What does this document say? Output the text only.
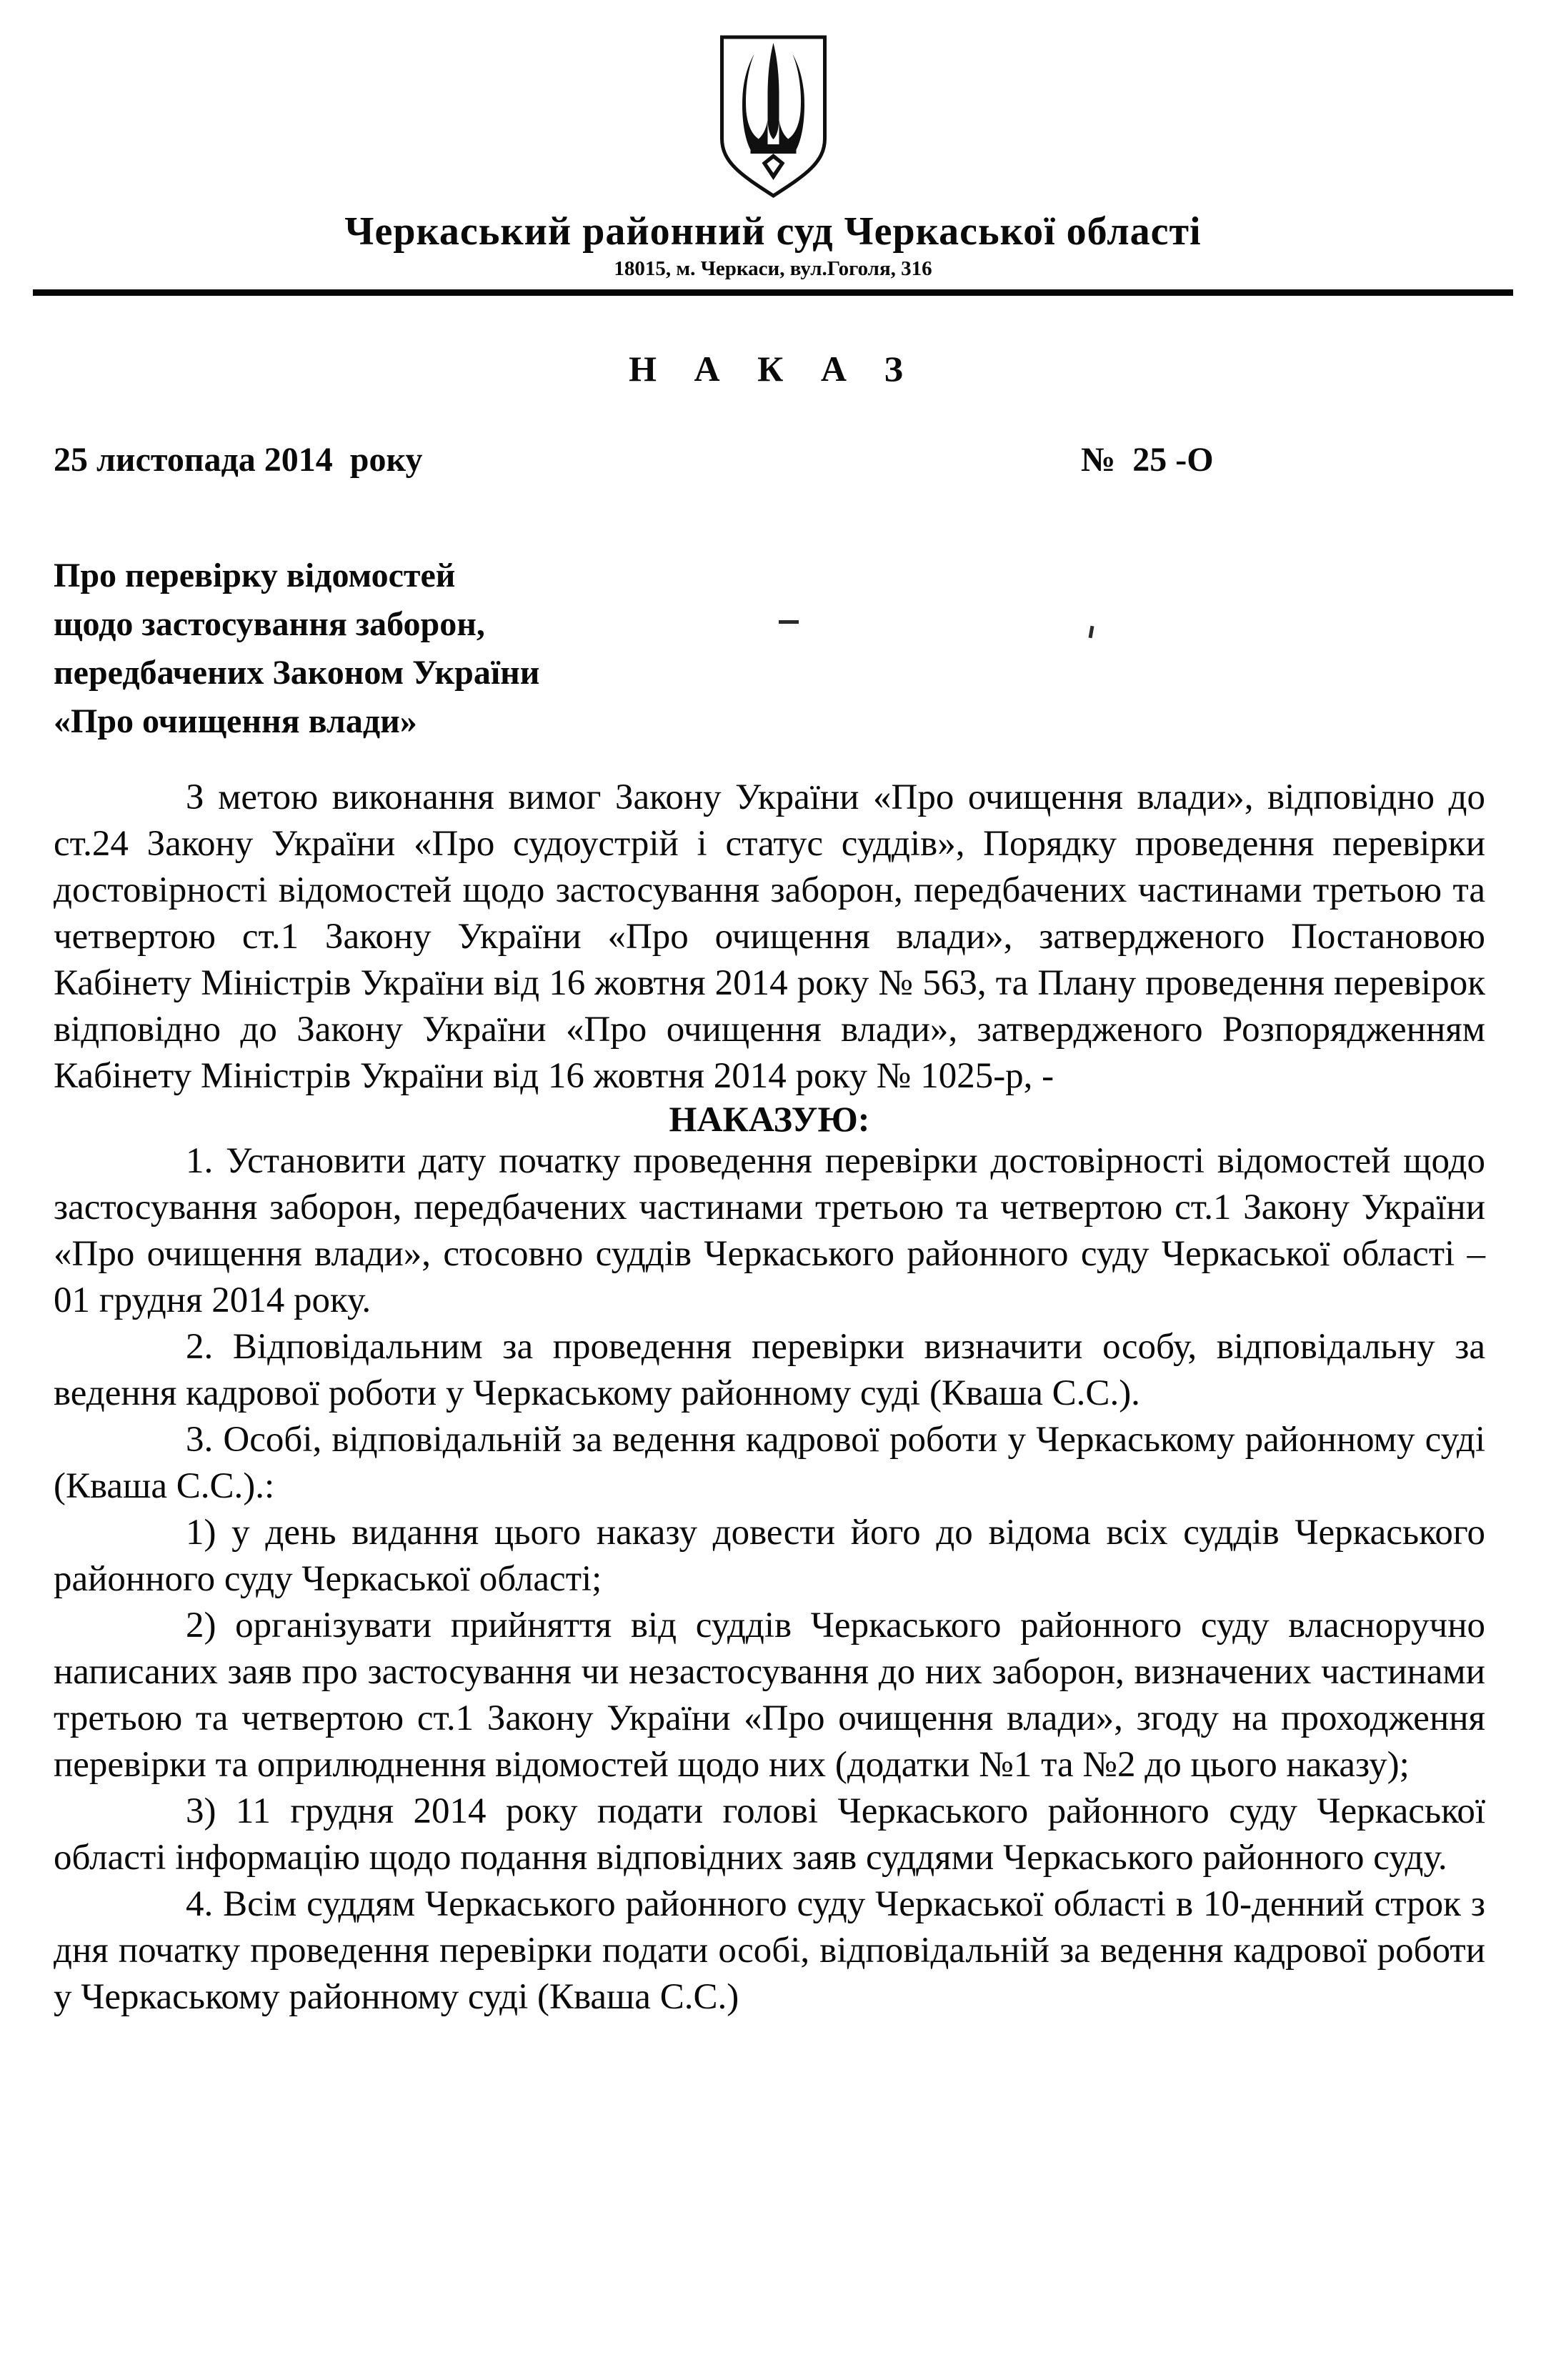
Черкаський районний суд Черкаської області
18015, м. Черкаси, вул.Гоголя, 316
Н А К А З
25 листопада 2014  року	№  25 -О
Про перевірку відомостей
щодо застосування заборон,
передбачених Законом України
«Про очищення влади»

З метою виконання вимог Закону України «Про очищення влади», відповідно до ст.24 Закону України «Про судоустрій і статус суддів», Порядку проведення перевірки достовірності відомостей щодо застосування заборон, передбачених частинами третьою та четвертою ст.1 Закону України «Про очищення влади», затвердженого Постановою Кабінету Міністрів України від 16 жовтня 2014 року № 563, та Плану проведення перевірок відповідно до Закону України «Про очищення влади», затвердженого Розпорядженням Кабінету Міністрів України від 16 жовтня 2014 року № 1025-р, -

НАКАЗУЮ:

1. Установити дату початку проведення перевірки достовірності відомостей щодо застосування заборон, передбачених частинами третьою та четвертою ст.1 Закону України «Про очищення влади», стосовно суддів Черкаського районного суду Черкаської області – 01 грудня 2014 року.

2. Відповідальним за проведення перевірки визначити особу, відповідальну за ведення кадрової роботи у Черкаському районному суді (Кваша С.С.).

3. Особі, відповідальній за ведення кадрової роботи у Черкаському районному суді (Кваша С.С.).:

1) у день видання цього наказу довести його до відома всіх суддів Черкаського районного суду Черкаської області;

2) організувати прийняття від суддів Черкаського районного суду власноручно написаних заяв про застосування чи незастосування до них заборон, визначених частинами третьою та четвертою ст.1 Закону України «Про очищення влади», згоду на проходження перевірки та оприлюднення відомостей щодо них (додатки №1 та №2 до цього наказу);

3) 11 грудня 2014 року подати голові Черкаського районного суду Черкаської області інформацію щодо подання відповідних заяв суддями Черкаського районного суду.

4. Всім суддям Черкаського районного суду Черкаської області в 10-денний строк з дня початку проведення перевірки подати особі, відповідальній за ведення кадрової роботи у Черкаському районному суді (Кваша С.С.)
